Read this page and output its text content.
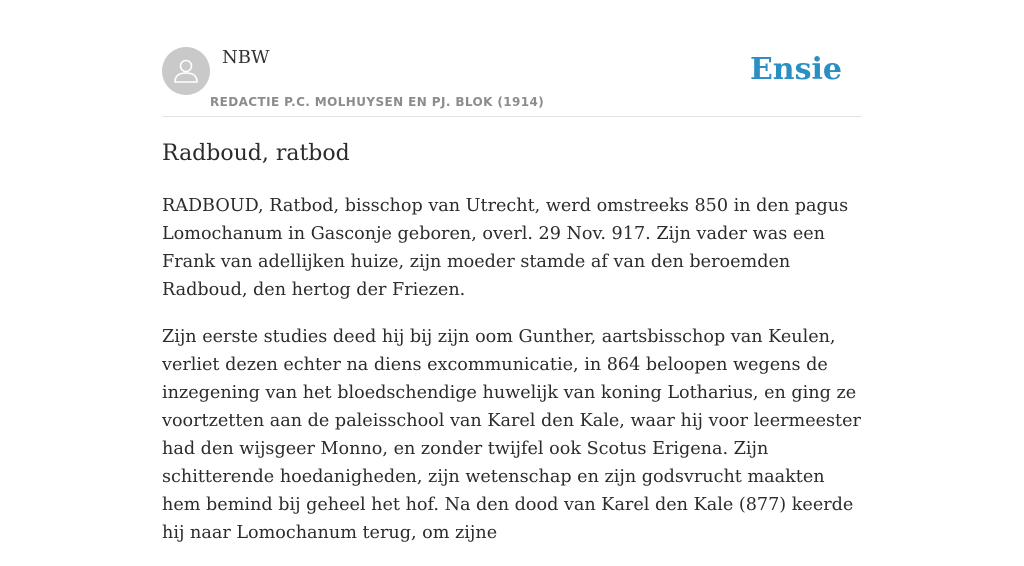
NBW
REDACTIE P.C. MOLHUYSEN EN PJ. BLOK (1914)
Ensie
Radboud, ratbod

RADBOUD, Ratbod, bisschop van Utrecht, werd omstreeks 850 in den pagus Lomochanum in Gasconje geboren, overl. 29 Nov. 917. Zijn vader was een Frank van adellijken huize, zijn moeder stamde af van den beroemden Radboud, den hertog der Friezen.

Zijn eerste studies deed hij bij zijn oom Gunther, aartsbisschop van Keulen, verliet dezen echter na diens excommunicatie, in 864 beloopen wegens de inzegening van het bloedschendige huwelijk van koning Lotharius, en ging ze voortzetten aan de paleisschool van Karel den Kale, waar hij voor leermeester had den wijsgeer Monno, en zonder twijfel ook Scotus Erigena. Zijn schitterende hoedanigheden, zijn wetenschap en zijn godsvrucht maakten hem bemind bij geheel het hof. Na den dood van Karel den Kale (877) keerde hij naar Lomochanum terug, om zijne
